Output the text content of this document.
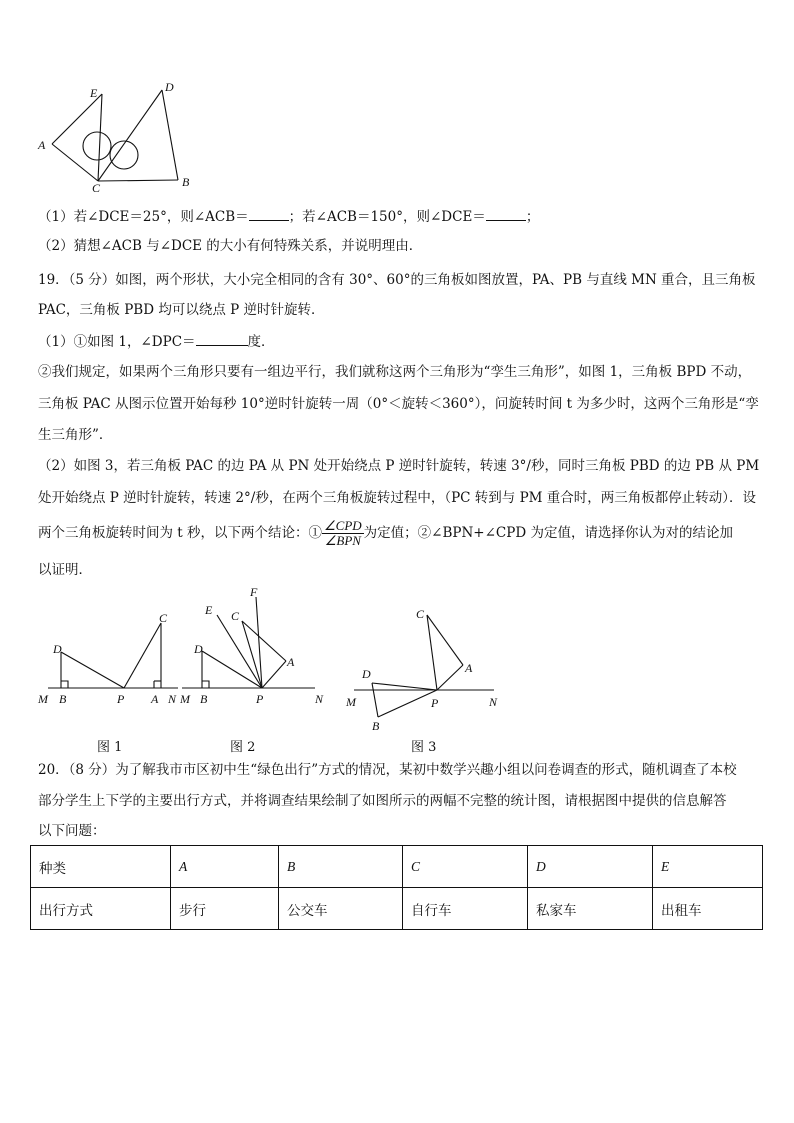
E	D
A
C	B
（1）若∠DCE＝25°，则∠ACB＝	；若∠ACB＝150°，则∠DCE＝	；
（2）猜想∠ACB 与∠DCE 的大小有何特殊关系，并说明理由．
19．（5 分）如图，两个形状，大小完全相同的含有 30°、60°的三角板如图放置，PA、PB 与直线 MN 重合，且三角板
PAC，三角板 PBD 均可以绕点 P 逆时针旋转．
（1）①如图 1，∠DPC＝	度．
②我们规定，如果两个三角形只要有一组边平行，我们就称这两个三角形为“孪生三角形”，如图 1，三角板 BPD 不动，
三角板 PAC 从图示位置开始每秒 10°逆时针旋转一周（0°＜旋转＜360°），问旋转时间 t 为多少时，这两个三角形是“孪
生三角形”．
（2）如图 3，若三角板 PAC 的边 PA 从 PN 处开始绕点 P 逆时针旋转，转速 3°/秒，同时三角板 PBD 的边 PB 从 PM
处开始绕点 P 逆时针旋转，转速 2°/秒，在两个三角板旋转过程中，（PC 转到与 PM 重合时，两三角板都停止转动）．设
两个三角板旋转时间为 t 秒，以下两个结论：① $\frac{\text{∠CPD}}{\text{∠BPN}}$ 为定值；②∠BPN+∠CPD 为定值，请选择你认为对的结论加
以证明．
D
C
M B	P A N
图 1
E
F
C
D
A
M B	P	N
图 2
C
A
D
M	P	N
B
图 3
20．（8 分）为了解我市市区初中生“绿色出行”方式的情况，某初中数学兴趣小组以问卷调查的形式，随机调查了本校
部分学生上下学的主要出行方式，并将调查结果绘制了如图所示的两幅不完整的统计图，请根据图中提供的信息解答
以下问题：
种类	A	B	C	D	E
出行方式	步行	公交车	自行车	私家车	出租车
